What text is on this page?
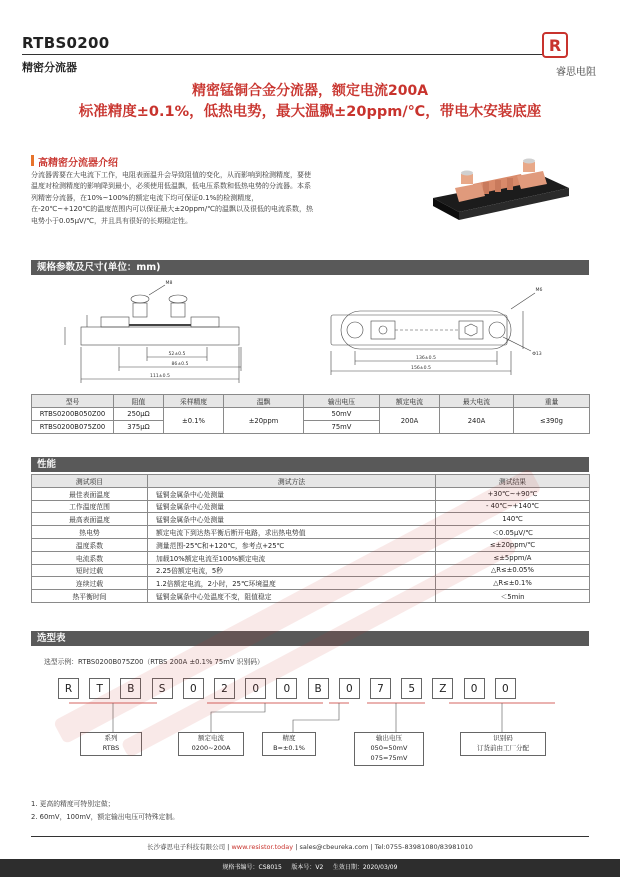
RTBS0200
精密分流器
R
睿思电阻
精密锰铜合金分流器，额定电流200A
标准精度±0.1%，低热电势，最大温飘±20ppm/℃，带电木安装底座
高精密分流器介绍
分流器需要在大电流下工作，电阻表面温升会导致阻值的变化，从而影响到检测精度，要使温度对检测精度的影响降到最小，必须使用低温飘，低电压系数和低热电势的分流器。本系列精密分流器，在10%~100%的额定电流下均可保证0.1%的检测精度，在-20℃~+120℃的温度范围内可以保证最大±20ppm/℃的温飘以及很低的电流系数，热电势小于0.05μV/℃，并且具有很好的长期稳定性。
规格参数及尺寸(单位：mm)
52±0.5
86±0.5
111±0.5
M8
136±0.5
156±0.5
M6
Φ13
型号	阻值	采样精度	温飘	输出电压	额定电流	最大电流	重量
RTBS0200B050Z00	250μΩ	±0.1%	±20ppm	50mV	200A	240A	≤390g
RTBS0200B075Z00	375μΩ			75mV			
性能
测试项目	测试方法	测试结果
最佳表面温度	锰铜金属条中心处测量	+30℃~+90℃
工作温度范围	锰铜金属条中心处测量	- 40℃~+140℃
最高表面温度	锰铜金属条中心处测量	140℃
热电势	额定电流下到达热平衡后断开电路，求出热电势值	＜0.05μV/℃
温度系数	测量范围-25℃和+120℃，参考点+25℃	≤±20ppm/℃
电流系数	加载10%额定电流至100%额定电流	≤±5ppm/A
短时过载	2.25倍额定电流，5秒	△R≤±0.05%
连续过载	1.2倍额定电流，2小时，25℃环境温度	△R≤±0.1%
热平衡时间	锰铜金属条中心处温度不变，阻值稳定	＜5min
选型表
选型示例：RTBS0200B075Z00（RTBS 200A ±0.1% 75mV 识别码）
R	T	B	S	0	2	0	0	B	0	7	5	Z	0	0
系列
RTBS
额定电流
0200~200A
精度
B=±0.1%
输出电压
050=50mV
075=75mV
识别码
订货前由工厂分配
1. 更高的精度可特别定做；
2. 60mV，100mV，额定输出电压可特殊定制。
长沙睿思电子科技有限公司 | www.resistor.today | sales@cbeureka.com | Tel:0755-83981080/83981010
规格书编号：CS8015 版本号：V2 生效日期：2020/03/09
